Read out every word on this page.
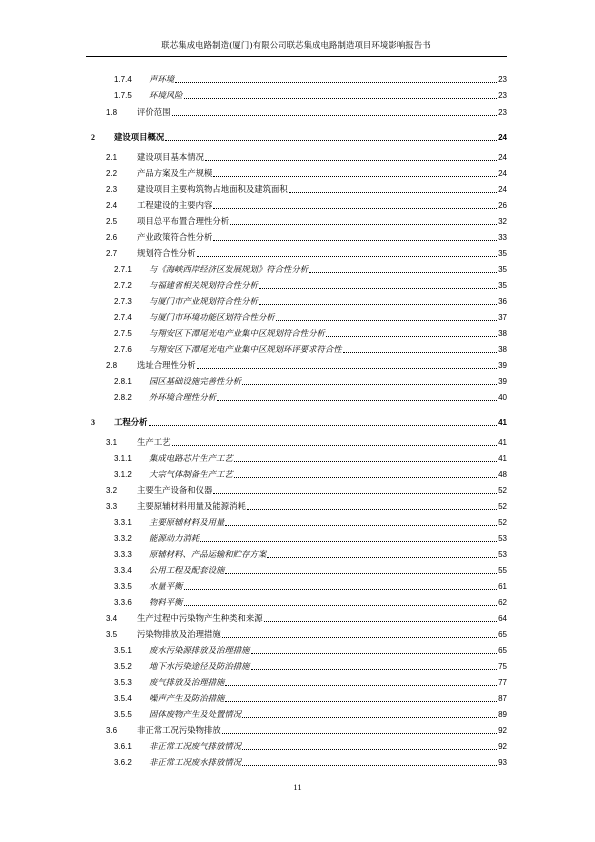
联芯集成电路制造(厦门)有限公司联芯集成电路制造项目环境影响报告书
1.7.4 声环境	23
1.7.5 环境风险	23
1.8 评价范围	23
2 建设项目概况	24
2.1 建设项目基本情况	24
2.2 产品方案及生产规模	24
2.3 建设项目主要构筑物占地面积及建筑面积	24
2.4 工程建设的主要内容	26
2.5 项目总平布置合理性分析	32
2.6 产业政策符合性分析	33
2.7 规划符合性分析	35
2.7.1 与《海峡西岸经济区发展规划》符合性分析	35
2.7.2 与福建省相关规划符合性分析	35
2.7.3 与厦门市产业规划符合性分析	36
2.7.4 与厦门市环境功能区划符合性分析	37
2.7.5 与翔安区下潭尾光电产业集中区规划符合性分析	38
2.7.6 与翔安区下潭尾光电产业集中区规划环评要求符合性	38
2.8 选址合理性分析	39
2.8.1 园区基础设施完善性分析	39
2.8.2 外环境合理性分析	40
3 工程分析	41
3.1 生产工艺	41
3.1.1 集成电路芯片生产工艺	41
3.1.2 大宗气体制备生产工艺	48
3.2 主要生产设备和仪器	52
3.3 主要原辅材料用量及能源消耗	52
3.3.1 主要原辅材料及用量	52
3.3.2 能源动力消耗	53
3.3.3 原辅材料、产品运输和贮存方案	53
3.3.4 公用工程及配套设施	55
3.3.5 水量平衡	61
3.3.6 物料平衡	62
3.4 生产过程中污染物产生种类和来源	64
3.5 污染物排放及治理措施	65
3.5.1 废水污染源排放及治理措施	65
3.5.2 地下水污染途径及防治措施	75
3.5.3 废气排放及治理措施	77
3.5.4 噪声产生及防治措施	87
3.5.5 固体废物产生及处置情况	89
3.6 非正常工况污染物排放	92
3.6.1 非正常工况废气排放情况	92
3.6.2 非正常工况废水排放情况	93
11
